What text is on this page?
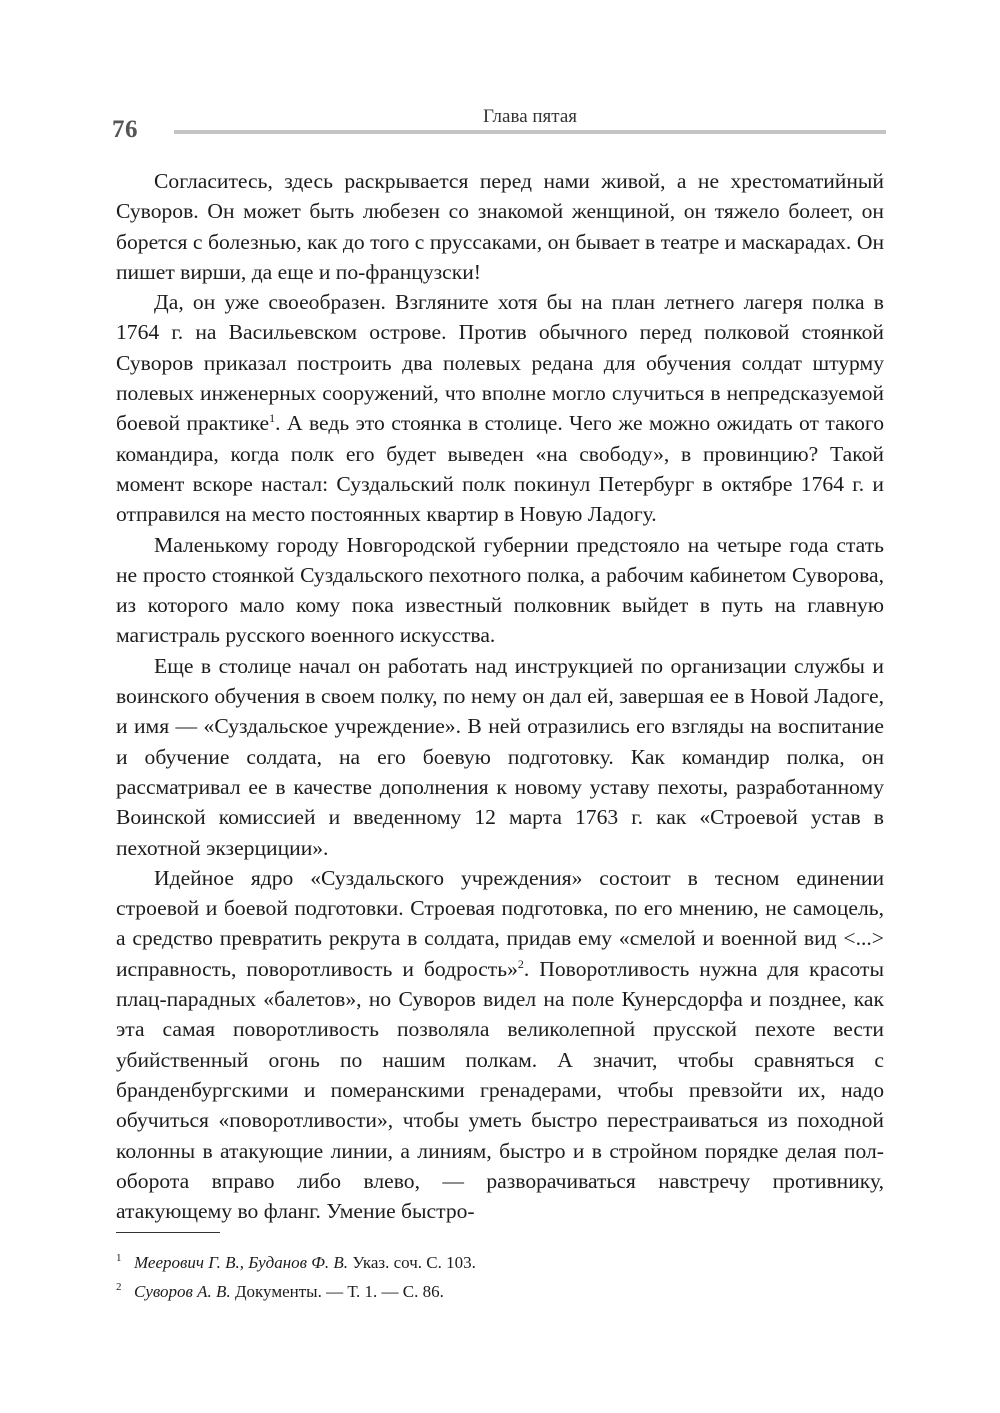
76	Глава пятая

Согласитесь, здесь раскрывается перед нами живой, а не хрестоматийный Суворов. Он может быть любезен со знакомой женщиной, он тяжело болеет, он борется с болезнью, как до того с пруссаками, он бывает в театре и маскарадах. Он пишет вирши, да еще и по-французски!

Да, он уже своеобразен. Взгляните хотя бы на план летнего лагеря полка в 1764 г. на Васильевском острове. Против обычного перед полковой стоянкой Суворов приказал построить два полевых редана для обучения солдат штурму полевых инженерных сооружений, что вполне могло случиться в непредсказуемой боевой практике$^1$. А ведь это стоянка в столице. Чего же можно ожидать от такого командира, когда полк его будет выведен «на свободу», в провинцию? Такой момент вскоре настал: Суздальский полк покинул Петербург в октябре 1764 г. и отправился на место постоянных квартир в Новую Ладогу.

Маленькому городу Новгородской губернии предстояло на четыре года стать не просто стоянкой Суздальского пехотного полка, а рабочим кабинетом Суворова, из которого мало кому пока известный полковник выйдет в путь на главную магистраль русского военного искусства.

Еще в столице начал он работать над инструкцией по организации службы и воинского обучения в своем полку, по нему он дал ей, завершая ее в Новой Ладоге, и имя — «Суздальское учреждение». В ней отразились его взгляды на воспитание и обучение солдата, на его боевую подготовку. Как командир полка, он рассматривал ее в качестве дополнения к новому уставу пехоты, разработанному Воинской комиссией и введенному 12 марта 1763 г. как «Строевой устав в пехотной экзерциции».

Идейное ядро «Суздальского учреждения» состоит в тесном единении строевой и боевой подготовки. Строевая подготовка, по его мнению, не самоцель, а средство превратить рекрута в солдата, придав ему «смелой и военной вид <...> исправность, поворотливость и бодрость»$^2$. Поворотливость нужна для красоты плац-парадных «балетов», но Суворов видел на поле Кунерсдорфа и позднее, как эта самая поворотливость позволяла великолепной прусской пехоте вести убийственный огонь по нашим полкам. А значит, чтобы сравняться с бранденбургскими и померанскими гренадерами, чтобы превзойти их, надо обучиться «поворотливости», чтобы уметь быстро перестраиваться из походной колонны в атакующие линии, а линиям, быстро и в стройном порядке делая пол-оборота вправо либо влево, — разворачиваться навстречу противнику, атакующему во фланг. Умение быстро-

1 Меерович Г. В., Буданов Ф. В. Указ. соч. С. 103.
2 Суворов А. В. Документы. — Т. 1. — С. 86.
